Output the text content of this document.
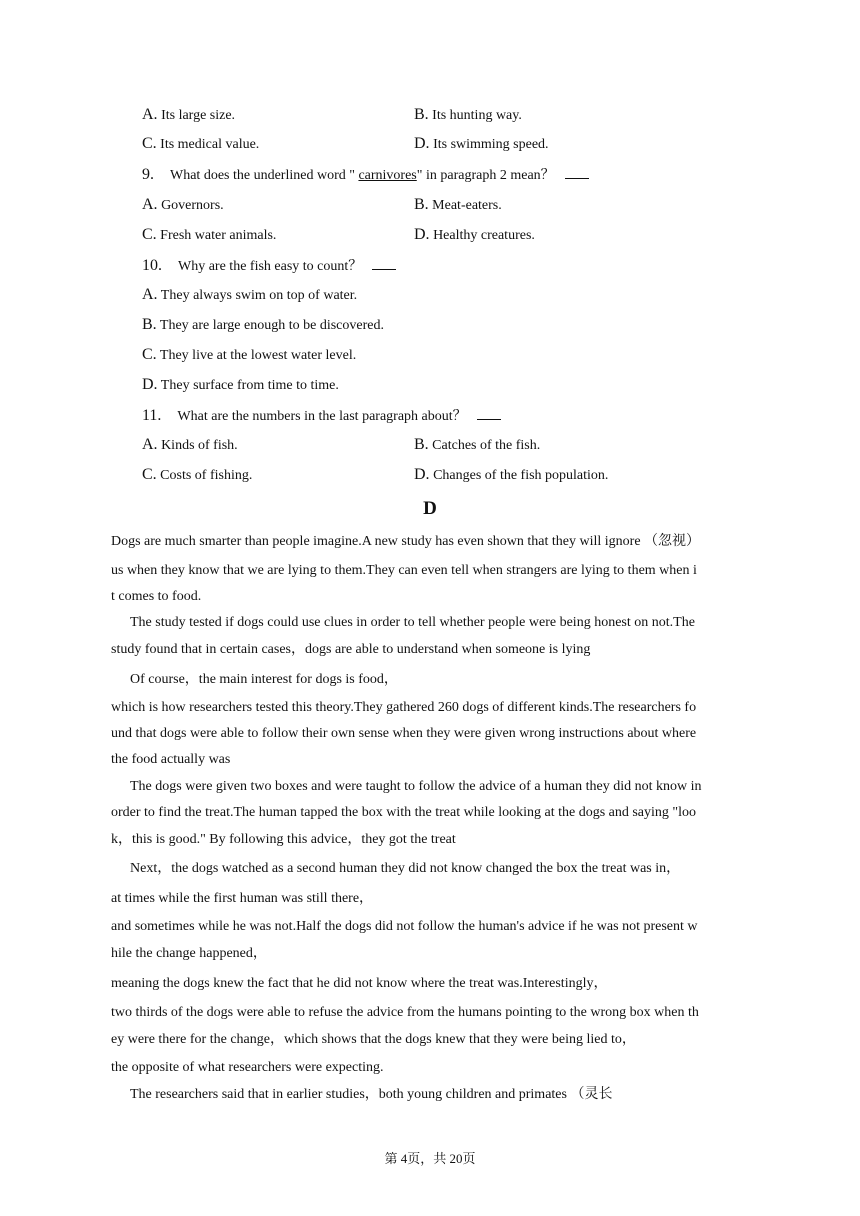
A. Its large size.	B. Its hunting way.
C. Its medical value.	D. Its swimming speed.
9. What does the underlined word " carnivores" in paragraph 2 mean？
A. Governors.	B. Meat-eaters.
C. Fresh water animals.	D. Healthy creatures.
10. Why are the fish easy to count？
A. They always swim on top of water.
B. They are large enough to be discovered.
C. They live at the lowest water level.
D. They surface from time to time.
11. What are the numbers in the last paragraph about？
A. Kinds of fish.	B. Catches of the fish.
C. Costs of fishing.	D. Changes of the fish population.
D
Dogs are much smarter than people imagine.A new study has even shown that they will ignore （忽视）
us when they know that we are lying to them.They can even tell when strangers are lying to them when i
t comes to food.
The study tested if dogs could use clues in order to tell whether people were being honest on not.The
study found that in certain cases，dogs are able to understand when someone is lying
Of course，the main interest for dogs is food，
which is how researchers tested this theory.They gathered 260 dogs of different kinds.The researchers fo
und that dogs were able to follow their own sense when they were given wrong instructions about where
the food actually was
The dogs were given two boxes and were taught to follow the advice of a human they did not know in
order to find the treat.The human tapped the box with the treat while looking at the dogs and saying "loo
k，this is good." By following this advice，they got the treat
Next，the dogs watched as a second human they did not know changed the box the treat was in，
at times while the first human was still there，
and sometimes while he was not.Half the dogs did not follow the human's advice if he was not present w
hile the change happened，
meaning the dogs knew the fact that he did not know where the treat was.Interestingly，
two thirds of the dogs were able to refuse the advice from the humans pointing to the wrong box when th
ey were there for the change，which shows that the dogs knew that they were being lied to，
the opposite of what researchers were expecting.
The researchers said that in earlier studies，both young children and primates （灵长
第 4页，共 20页
